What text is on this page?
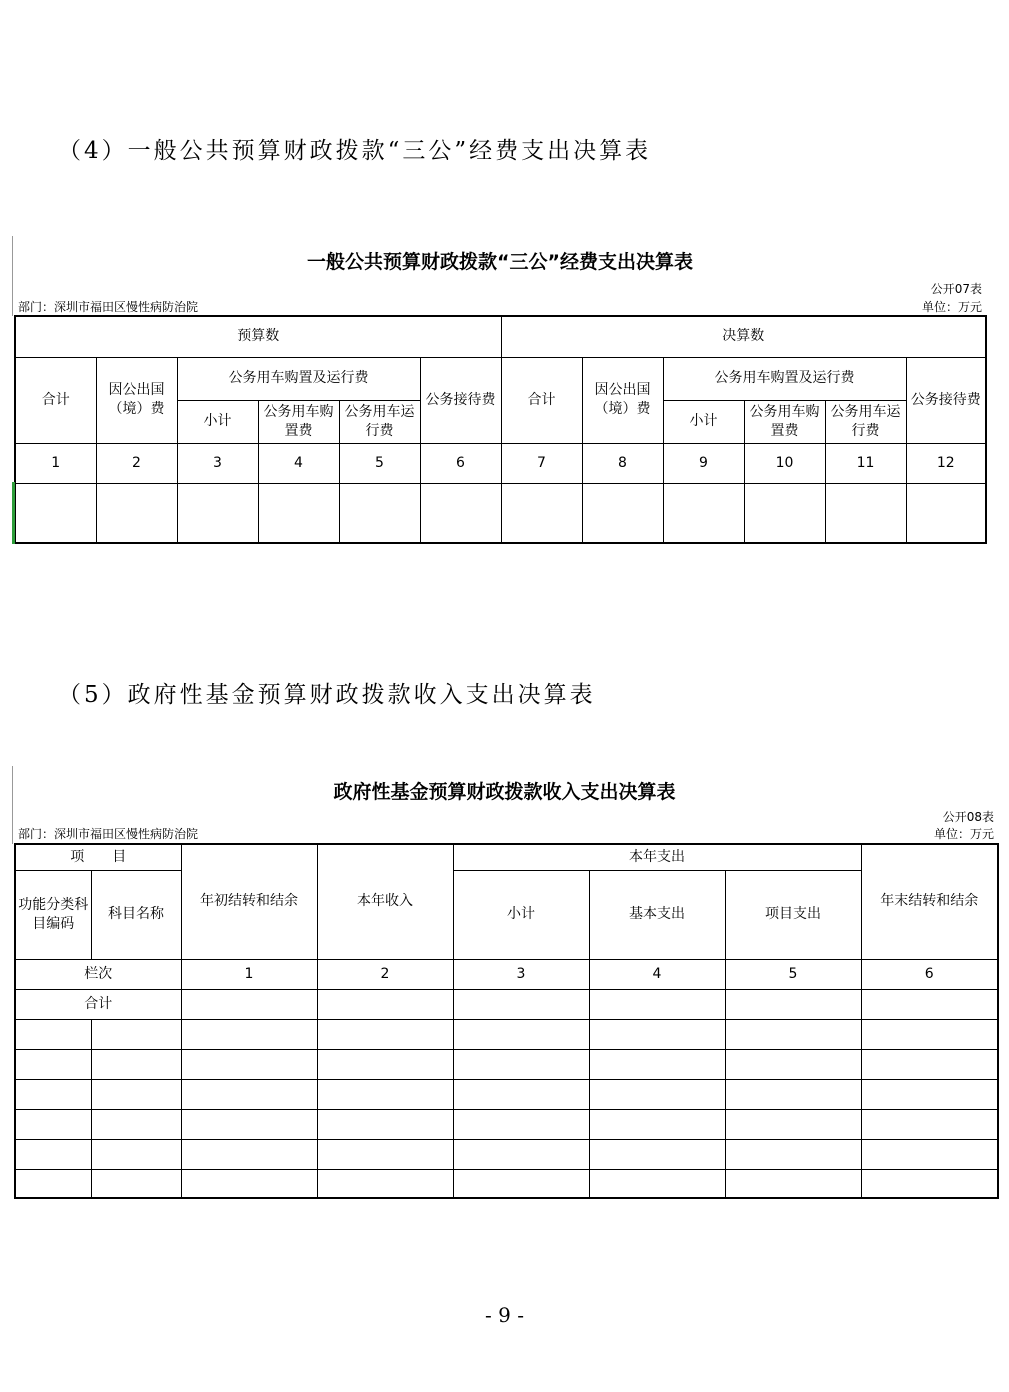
（4）一般公共预算财政拨款“三公”经费支出决算表
一般公共预算财政拨款“三公”经费支出决算表
公开07表
部门：深圳市福田区慢性病防治院	单位：万元
预算数						决算数					
合计	因公出国（境）费	公务用车购置及运行费			公务接待费	合计	因公出国（境）费	公务用车购置及运行费			公务接待费
		小计	公务用车购置费	公务用车运行费				小计	公务用车购置费	公务用车运行费	
1	2	3	4	5	6	7	8	9	10	11	12

（5）政府性基金预算财政拨款收入支出决算表
政府性基金预算财政拨款收入支出决算表
公开08表
部门：深圳市福田区慢性病防治院	单位：万元
项　　目		年初结转和结余	本年收入	本年支出			年末结转和结余
功能分类科目编码	科目名称			小计	基本支出	项目支出	
栏次		1	2	3	4	5	6
合计							

- 9 -
